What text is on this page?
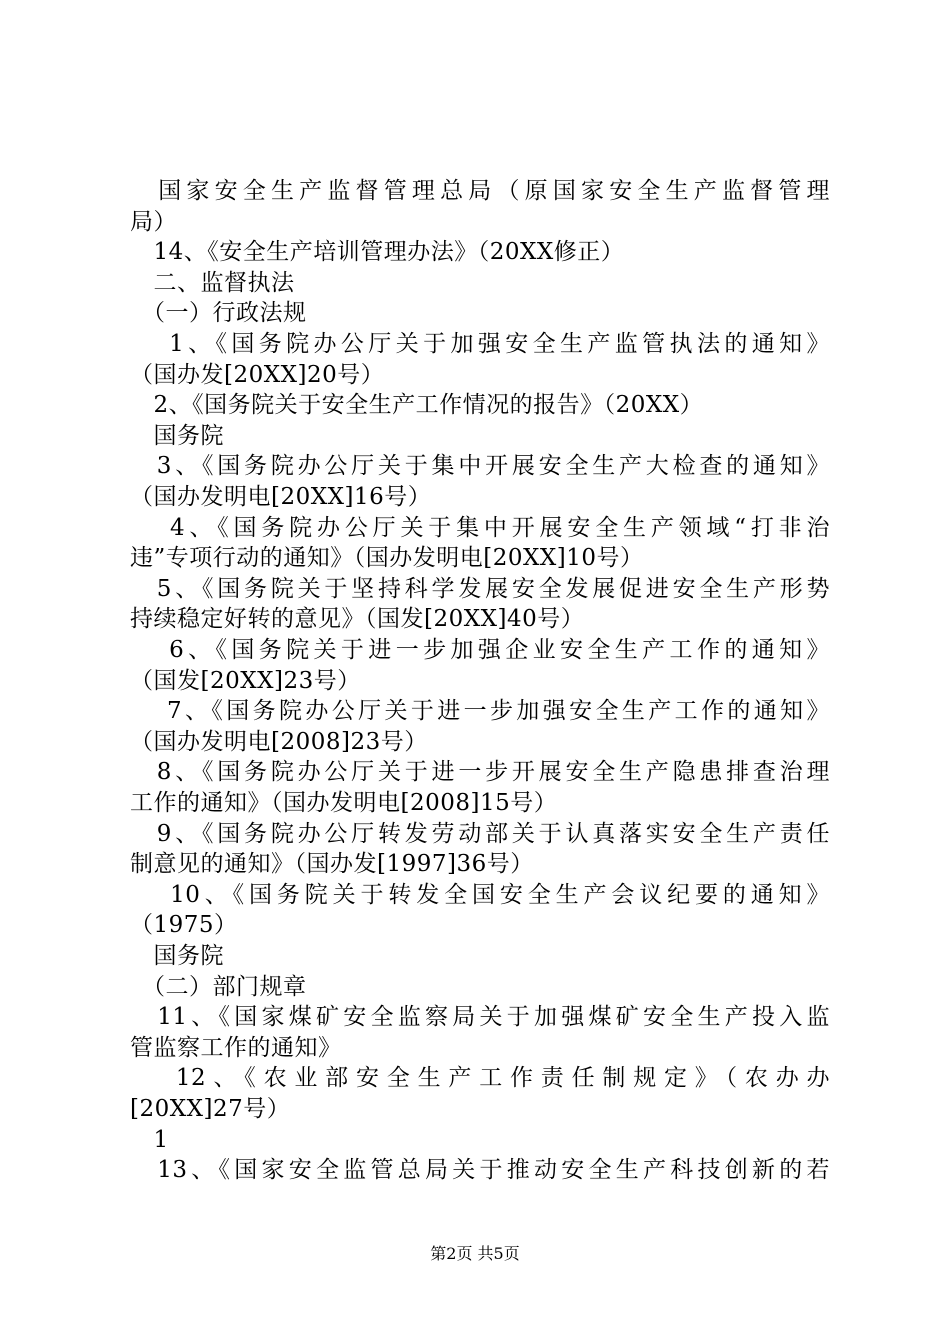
　国家安全生产监督管理总局（原国家安全生产监督管理
局）
　14、《安全生产培训管理办法》（20XX修正）
　二、监督执法
　（一）行政法规
　 1、《国务院办公厅关于加强安全生产监管执法的通知》
（国办发[20XX]20号）
　2、《国务院关于安全生产工作情况的报告》（20XX）
　国务院
　3、《国务院办公厅关于集中开展安全生产大检查的通知》
（国办发明电[20XX]16号）
　 4、《国务院办公厅关于集中开展安全生产领域“打非治
违”专项行动的通知》（国办发明电[20XX]10号）
　5、《国务院关于坚持科学发展安全发展促进安全生产形势
持续稳定好转的意见》（国发[20XX]40号）
　 6、《国务院关于进一步加强企业安全生产工作的通知》
（国发[20XX]23号）
　 7、《国务院办公厅关于进一步加强安全生产工作的通知》
（国办发明电[2008]23号）
　8、《国务院办公厅关于进一步开展安全生产隐患排查治理
工作的通知》（国办发明电[2008]15号）
　9、《国务院办公厅转发劳动部关于认真落实安全生产责任
制意见的通知》（国办发[1997]36号）
　 10、《国务院关于转发全国安全生产会议纪要的通知》
（1975）
　国务院
　（二）部门规章
　11、《国家煤矿安全监察局关于加强煤矿安全生产投入监
管监察工作的通知》
　 12、《农业部安全生产工作责任制规定》（农办办
[20XX]27号）
　1
　13、《国家安全监管总局关于推动安全生产科技创新的若
第2页 共5页
